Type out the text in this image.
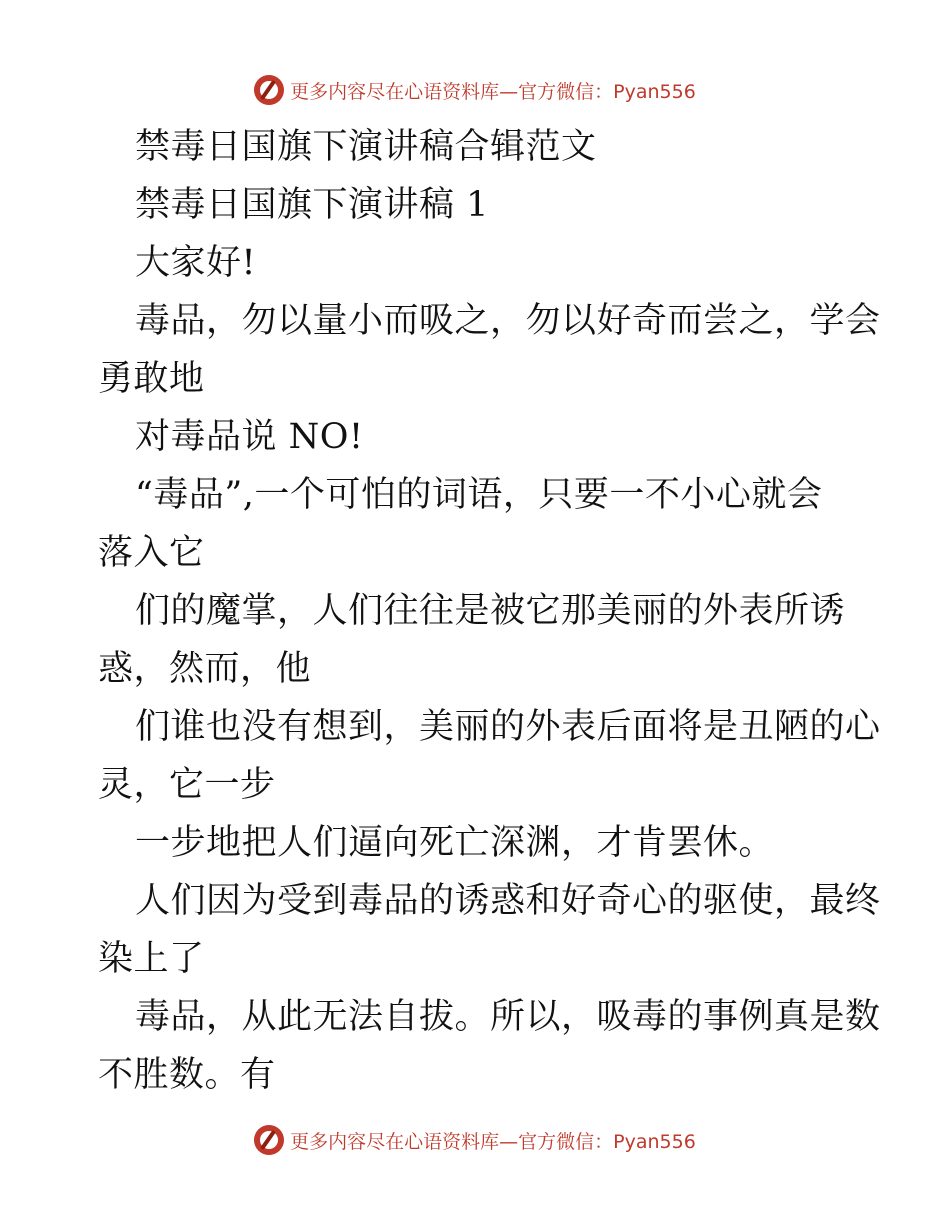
更多内容尽在心语资料库—官方微信：Pyan556
禁毒日国旗下演讲稿合辑范文
禁毒日国旗下演讲稿 1
大家好!
毒品，勿以量小而吸之，勿以好奇而尝之，学会
勇敢地
对毒品说 NO!
“毒品”,一个可怕的词语，只要一不小心就会
落入它
们的魔掌，人们往往是被它那美丽的外表所诱
惑，然而，他
们谁也没有想到，美丽的外表后面将是丑陋的心
灵，它一步
一步地把人们逼向死亡深渊，才肯罢休。
人们因为受到毒品的诱惑和好奇心的驱使，最终
染上了
毒品，从此无法自拔。所以，吸毒的事例真是数
不胜数。有
更多内容尽在心语资料库—官方微信：Pyan556
